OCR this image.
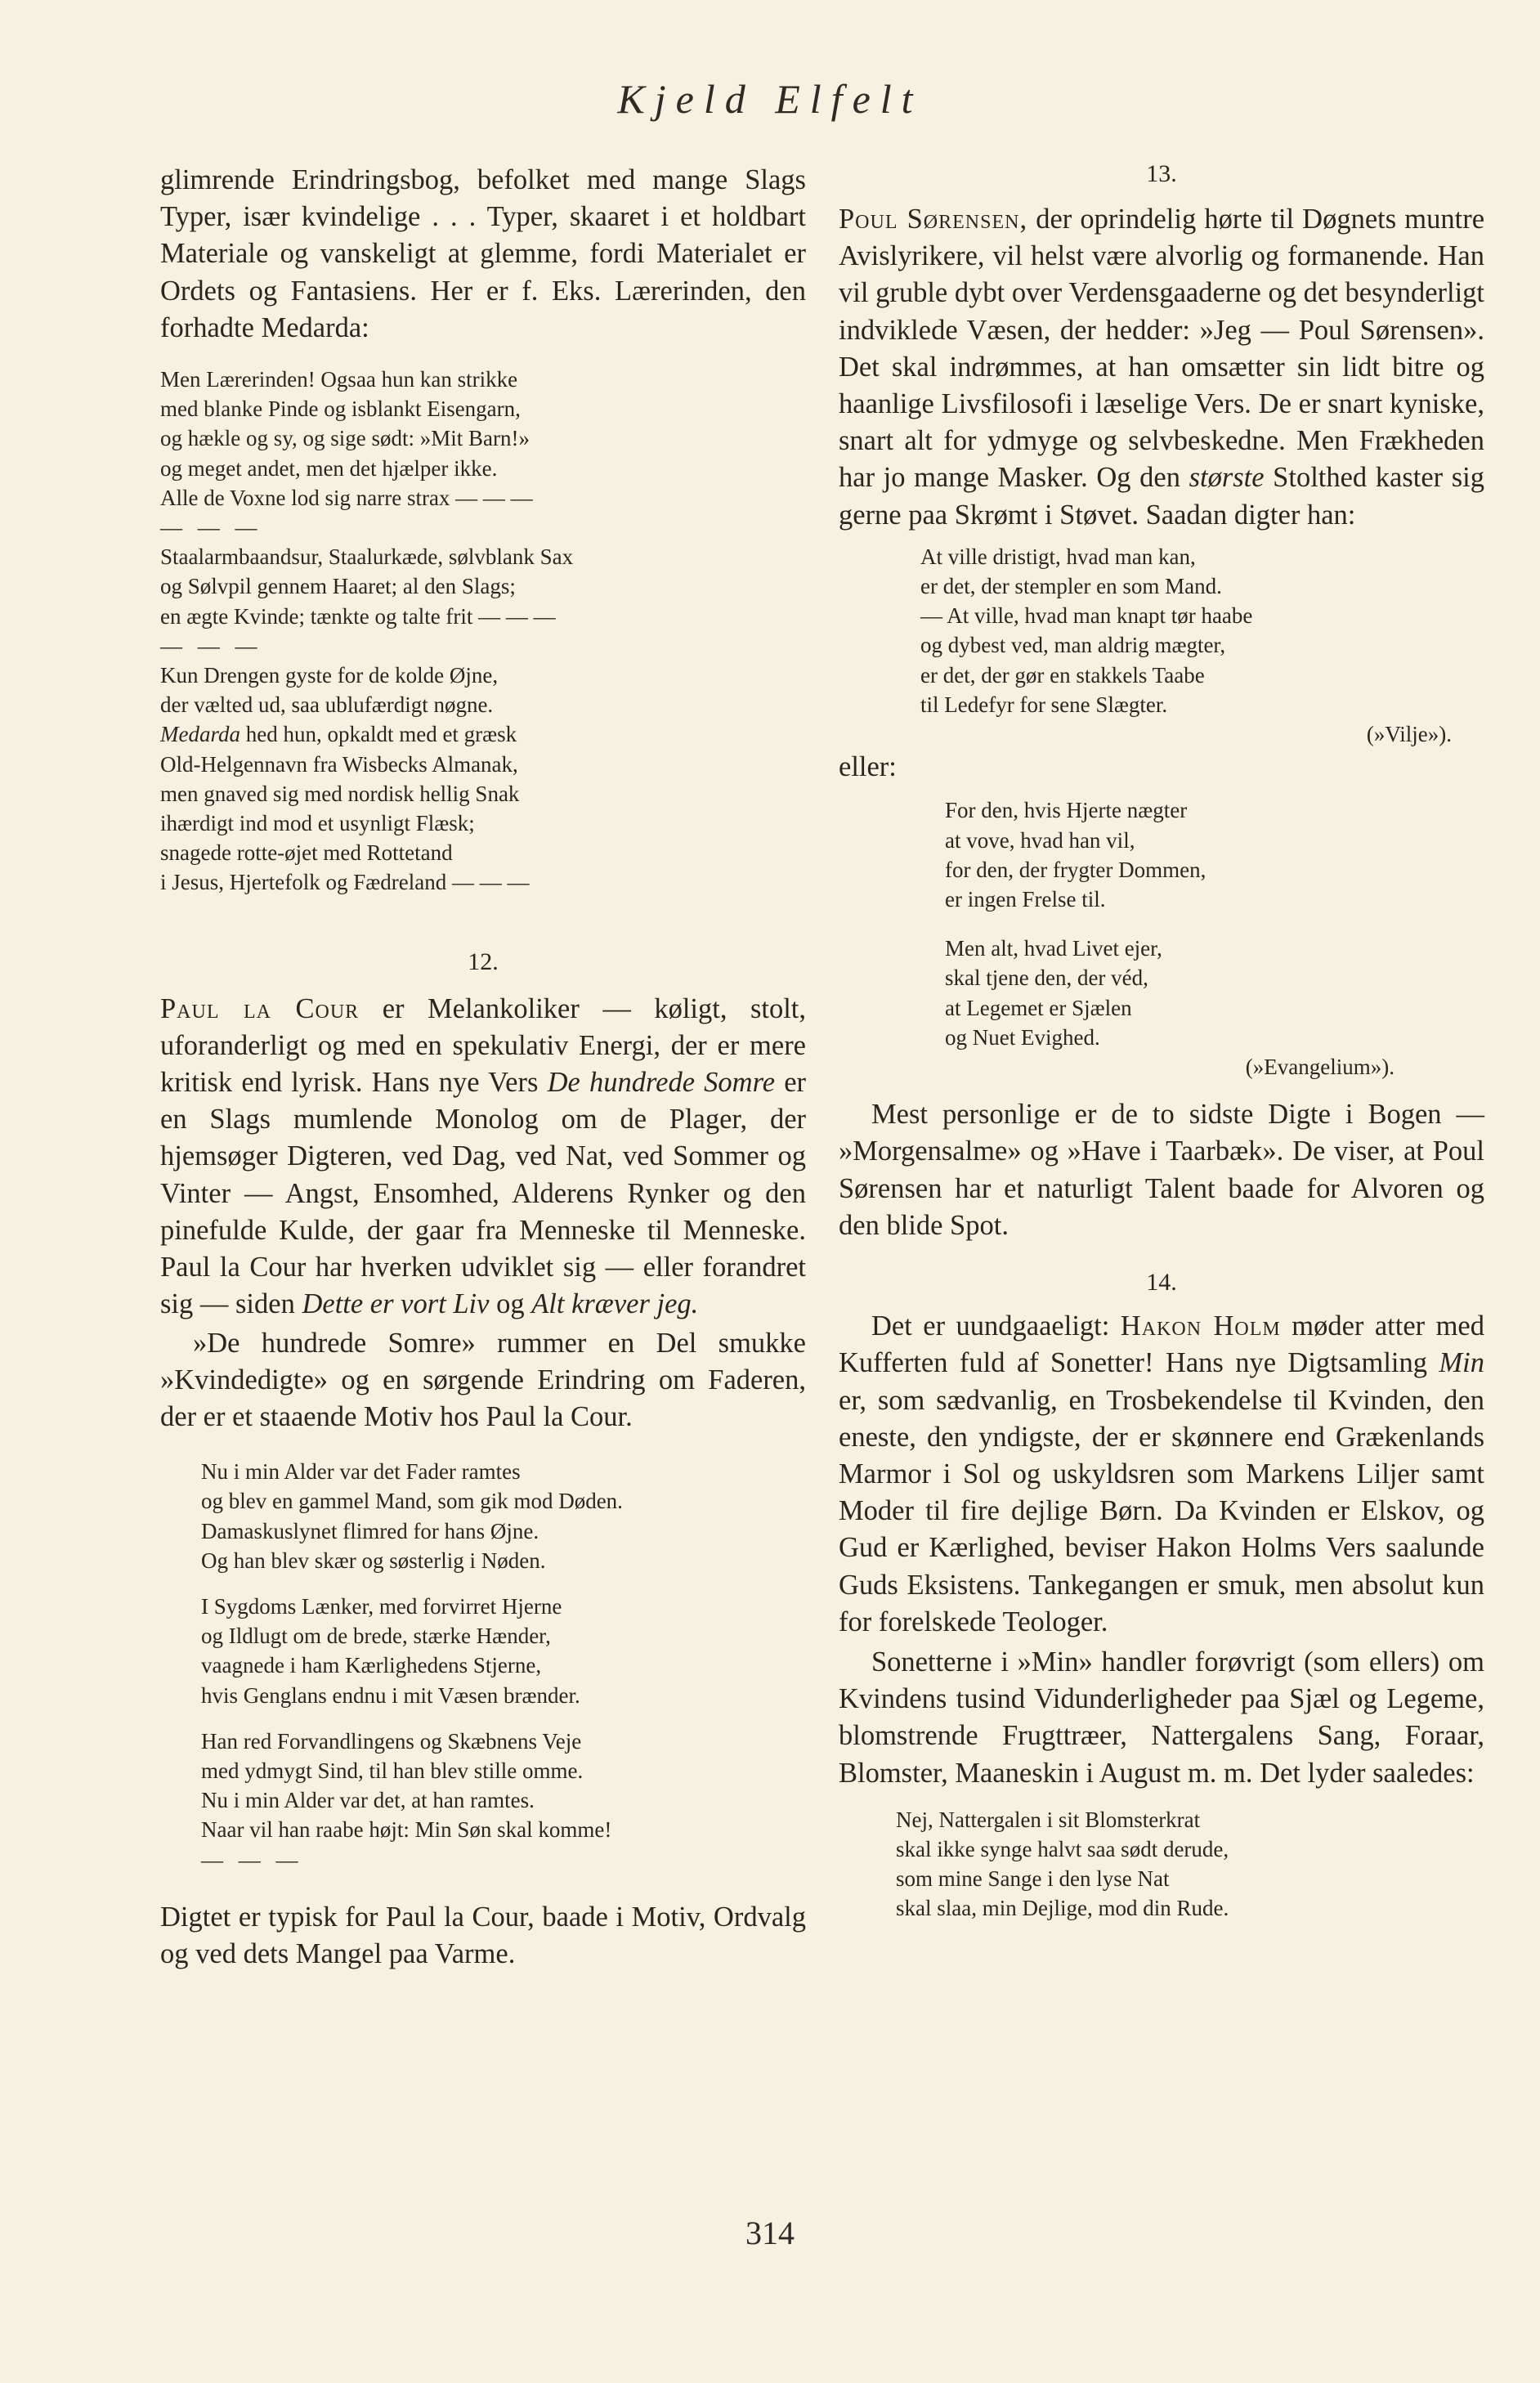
Kjeld Elfelt

glimrende Erindringsbog, befolket med mange Slags Typer, især kvindelige . . . Typer, skaaret i et holdbart Materiale og vanskeligt at glemme, fordi Materialet er Ordets og Fantasiens. Her er f. Eks. Lærerinden, den forhadte Medarda:

Men Lærerinden! Ogsaa hun kan strikke
med blanke Pinde og isblankt Eisengarn,
og hækle og sy, og sige sødt: »Mit Barn!»
og meget andet, men det hjælper ikke.
Alle de Voxne lod sig narre strax — — —
— — —
Staalarmbaandsur, Staalurkæde, sølvblank Sax
og Sølvpil gennem Haaret; al den Slags;
en ægte Kvinde; tænkte og talte frit — — —
— — —
Kun Drengen gyste for de kolde Øjne,
der vælted ud, saa ublufærdigt nøgne.
Medarda hed hun, opkaldt med et græsk
Old-Helgennavn fra Wisbecks Almanak,
men gnaved sig med nordisk hellig Snak
ihærdigt ind mod et usynligt Flæsk;
snagede rotte-øjet med Rottetand
i Jesus, Hjertefolk og Fædreland — — —
12.

Paul la Cour er Melankoliker — køligt, stolt, uforanderligt og med en spekulativ Energi, der er mere kritisk end lyrisk. Hans nye Vers De hundrede Somre er en Slags mumlende Monolog om de Plager, der hjemsøger Digteren, ved Dag, ved Nat, ved Sommer og Vinter — Angst, Ensomhed, Alderens Rynker og den pinefulde Kulde, der gaar fra Menneske til Menneske. Paul la Cour har hverken udviklet sig — eller forandret sig — siden Dette er vort Liv og Alt kræver jeg.

»De hundrede Somre» rummer en Del smukke »Kvindedigte» og en sørgende Erindring om Faderen, der er et staaende Motiv hos Paul la Cour.

Nu i min Alder var det Fader ramtes
og blev en gammel Mand, som gik mod Døden.
Damaskuslynet flimred for hans Øjne.
Og han blev skær og søsterlig i Nøden.
I Sygdoms Lænker, med forvirret Hjerne
og Ildlugt om de brede, stærke Hænder,
vaagnede i ham Kærlighedens Stjerne,
hvis Genglans endnu i mit Væsen brænder.
Han red Forvandlingens og Skæbnens Veje
med ydmygt Sind, til han blev stille omme.
Nu i min Alder var det, at han ramtes.
Naar vil han raabe højt: Min Søn skal komme!
— — —

Digtet er typisk for Paul la Cour, baade i Motiv, Ordvalg og ved dets Mangel paa Varme.

13.

Poul Sørensen, der oprindelig hørte til Døgnets muntre Avislyrikere, vil helst være alvorlig og formanende. Han vil gruble dybt over Verdensgaaderne og det besynderligt indviklede Væsen, der hedder: »Jeg — Poul Sørensen». Det skal indrømmes, at han omsætter sin lidt bitre og haanlige Livsfilosofi i læselige Vers. De er snart kyniske, snart alt for ydmyge og selvbeskedne. Men Frækheden har jo mange Masker. Og den største Stolthed kaster sig gerne paa Skrømt i Støvet. Saadan digter han:

At ville dristigt, hvad man kan,
er det, der stempler en som Mand.
— At ville, hvad man knapt tør haabe
og dybest ved, man aldrig mægter,
er det, der gør en stakkels Taabe
til Ledefyr for sene Slægter.
(»Vilje»).

eller:

For den, hvis Hjerte nægter
at vove, hvad han vil,
for den, der frygter Dommen,
er ingen Frelse til.
Men alt, hvad Livet ejer,
skal tjene den, der véd,
at Legemet er Sjælen
og Nuet Evighed.
(»Evangelium»).

Mest personlige er de to sidste Digte i Bogen — »Morgensalme» og »Have i Taarbæk». De viser, at Poul Sørensen har et naturligt Talent baade for Alvoren og den blide Spot.

14.

Det er uundgaaeligt: Hakon Holm møder atter med Kufferten fuld af Sonetter! Hans nye Digtsamling Min er, som sædvanlig, en Trosbekendelse til Kvinden, den eneste, den yndigste, der er skønnere end Grækenlands Marmor i Sol og uskyldsren som Markens Liljer samt Moder til fire dejlige Børn. Da Kvinden er Elskov, og Gud er Kærlighed, beviser Hakon Holms Vers saalunde Guds Eksistens. Tankegangen er smuk, men absolut kun for forelskede Teologer.

Sonetterne i »Min» handler forøvrigt (som ellers) om Kvindens tusind Vidunderligheder paa Sjæl og Legeme, blomstrende Frugttræer, Nattergalens Sang, Foraar, Blomster, Maaneskin i August m. m. Det lyder saaledes:

Nej, Nattergalen i sit Blomsterkrat
skal ikke synge halvt saa sødt derude,
som mine Sange i den lyse Nat
skal slaa, min Dejlige, mod din Rude.
314
